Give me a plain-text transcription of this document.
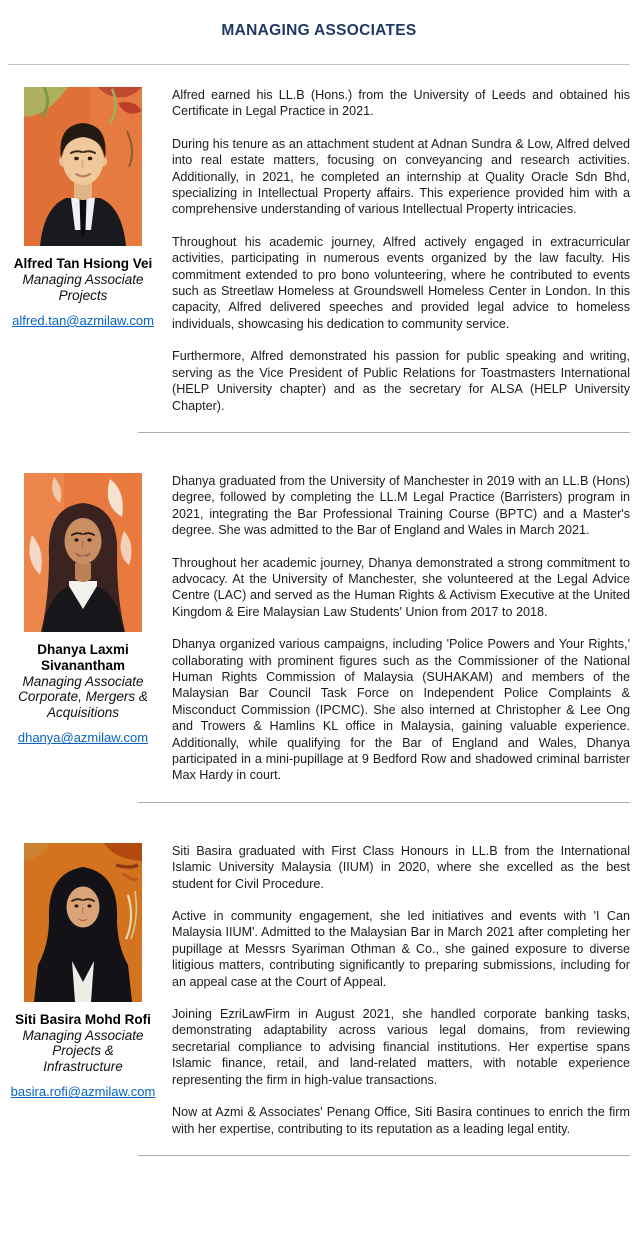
MANAGING ASSOCIATES
Alfred Tan Hsiong Vei
Managing Associate
Projects
alfred.tan@azmilaw.com

Alfred earned his LL.B (Hons.) from the University of Leeds and obtained his Certificate in Legal Practice in 2021.

During his tenure as an attachment student at Adnan Sundra & Low, Alfred delved into real estate matters, focusing on conveyancing and research activities. Additionally, in 2021, he completed an internship at Quality Oracle Sdn Bhd, specializing in Intellectual Property affairs. This experience provided him with a comprehensive understanding of various Intellectual Property intricacies.

Throughout his academic journey, Alfred actively engaged in extracurricular activities, participating in numerous events organized by the law faculty. His commitment extended to pro bono volunteering, where he contributed to events such as Streetlaw Homeless at Groundswell Homeless Center in London. In this capacity, Alfred delivered speeches and provided legal advice to homeless individuals, showcasing his dedication to community service.

Furthermore, Alfred demonstrated his passion for public speaking and writing, serving as the Vice President of Public Relations for Toastmasters International (HELP University chapter) and as the secretary for ALSA (HELP University Chapter).

Dhanya Laxmi Sivanantham
Managing Associate
Corporate, Mergers &
Acquisitions
dhanya@azmilaw.com

Dhanya graduated from the University of Manchester in 2019 with an LL.B (Hons) degree, followed by completing the LL.M Legal Practice (Barristers) program in 2021, integrating the Bar Professional Training Course (BPTC) and a Master's degree. She was admitted to the Bar of England and Wales in March 2021.

Throughout her academic journey, Dhanya demonstrated a strong commitment to advocacy. At the University of Manchester, she volunteered at the Legal Advice Centre (LAC) and served as the Human Rights & Activism Executive at the United Kingdom & Eire Malaysian Law Students' Union from 2017 to 2018.

Dhanya organized various campaigns, including 'Police Powers and Your Rights,' collaborating with prominent figures such as the Commissioner of the National Human Rights Commission of Malaysia (SUHAKAM) and members of the Malaysian Bar Council Task Force on Independent Police Complaints & Misconduct Commission (IPCMC). She also interned at Christopher & Lee Ong and Trowers & Hamlins KL office in Malaysia, gaining valuable experience. Additionally, while qualifying for the Bar of England and Wales, Dhanya participated in a mini-pupillage at 9 Bedford Row and shadowed criminal barrister Max Hardy in court.

Siti Basira Mohd Rofi
Managing Associate
Projects &
Infrastructure
basira.rofi@azmilaw.com

Siti Basira graduated with First Class Honours in LL.B from the International Islamic University Malaysia (IIUM) in 2020, where she excelled as the best student for Civil Procedure.

Active in community engagement, she led initiatives and events with 'I Can Malaysia IIUM'. Admitted to the Malaysian Bar in March 2021 after completing her pupillage at Messrs Syariman Othman & Co., she gained exposure to diverse litigious matters, contributing significantly to preparing submissions, including for an appeal case at the Court of Appeal.

Joining EzriLawFirm in August 2021, she handled corporate banking tasks, demonstrating adaptability across various legal domains, from reviewing secretarial compliance to advising financial institutions. Her expertise spans Islamic finance, retail, and land-related matters, with notable experience representing the firm in high-value transactions.

Now at Azmi & Associates' Penang Office, Siti Basira continues to enrich the firm with her expertise, contributing to its reputation as a leading legal entity.
